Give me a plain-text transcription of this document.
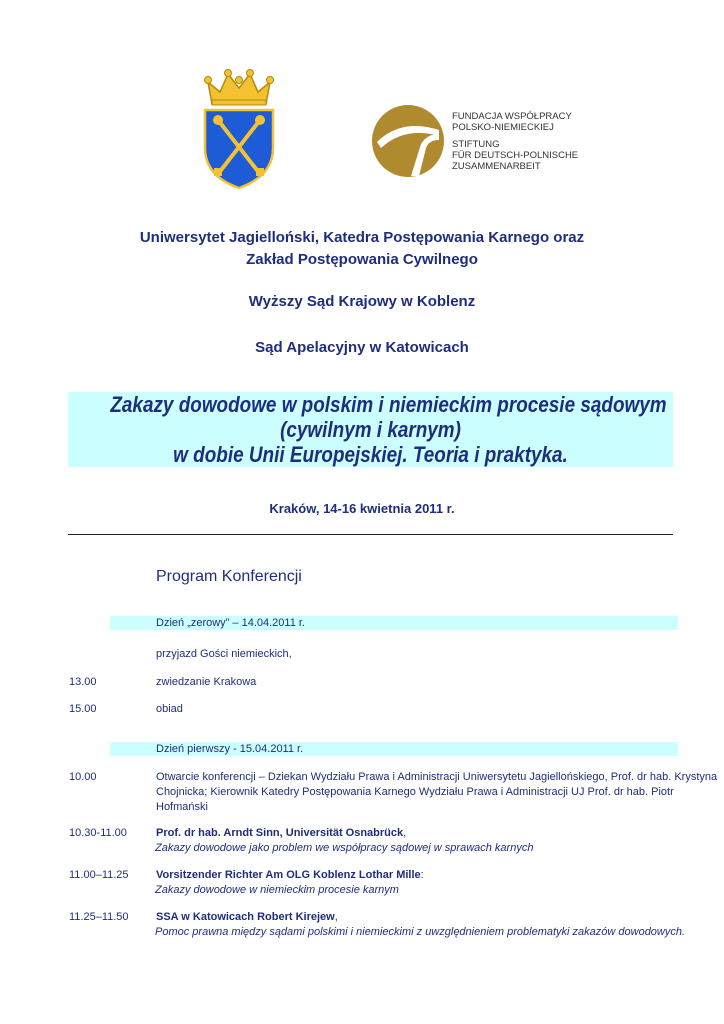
FUNDACJA WSPÓŁPRACY
POLSKO-NIEMIECKIEJ
STIFTUNG
FÜR DEUTSCH-POLNISCHE
ZUSAMMENARBEIT
Uniwersytet Jagielloński, Katedra Postępowania Karnego oraz
Zakład Postępowania Cywilnego
Wyższy Sąd Krajowy w Koblenz
Sąd Apelacyjny w Katowicach
Zakazy dowodowe w polskim i niemieckim procesie sądowym
(cywilnym i karnym)
w dobie Unii Europejskiej. Teoria i praktyka.
Kraków, 14-16 kwietnia 2011 r.
Program Konferencji
Dzień „zerowy” – 14.04.2011 r.
przyjazd Gości niemieckich,
13.00	zwiedzanie Krakowa
15.00	obiad
Dzień pierwszy - 15.04.2011 r.
10.00	Otwarcie konferencji – Dziekan Wydziału Prawa i Administracji Uniwersytetu Jagiellońskiego, Prof. dr hab. Krystyna
Chojnicka; Kierownik Katedry Postępowania Karnego Wydziału Prawa i Administracji UJ Prof. dr hab. Piotr
Hofmański
10.30-11.00	Prof. dr hab. Arndt Sinn, Universität Osnabrück,
Zakazy dowodowe jako problem we współpracy sądowej w sprawach karnych
11.00–11.25 Vorsitzender Richter Am OLG Koblenz Lothar Mille:
Zakazy dowodowe w niemieckim procesie karnym
11.25–11.50 SSA w Katowicach Robert Kirejew,
Pomoc prawna między sądami polskimi i niemieckimi z uwzględnieniem problematyki zakazów dowodowych.
